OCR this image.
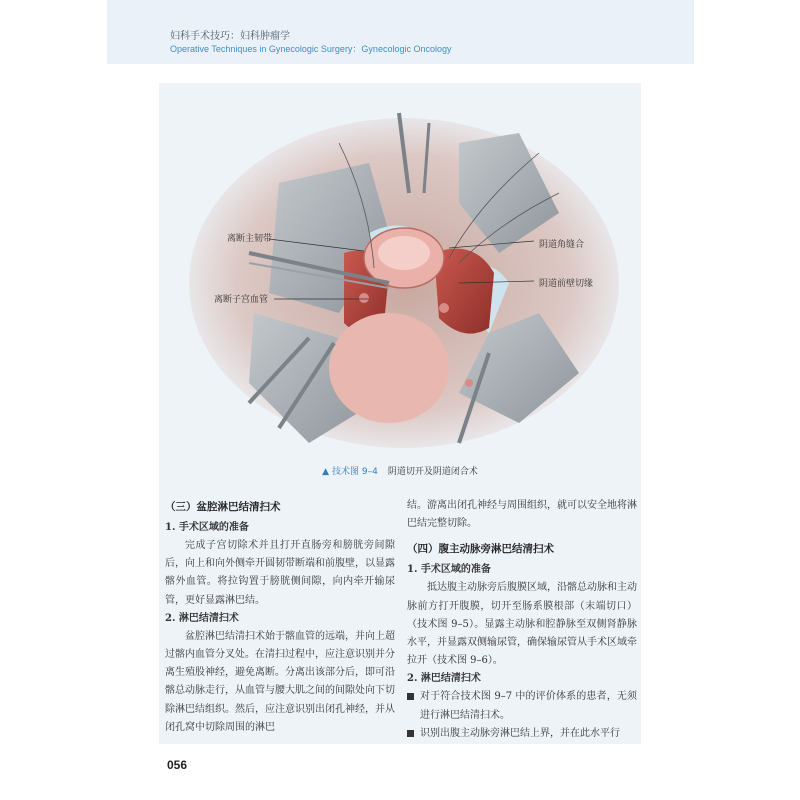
妇科手术技巧：妇科肿瘤学
Operative Techniques in Gynecologic Surgery：Gynecologic Oncology
离断主韧带
离断子宫血管
阴道角缝合
阴道前壁切缘
▲ 技术图 9–4 阴道切开及阴道闭合术
（三）盆腔淋巴结清扫术
1. 手术区域的准备

完成子宫切除术并且打开直肠旁和膀胱旁间隙后，向上和向外侧牵开圆韧带断端和前腹壁，以显露髂外血管。将拉钩置于膀胱侧间隙，向内牵开输尿管，更好显露淋巴结。

2. 淋巴结清扫术

盆腔淋巴结清扫术始于髂血管的远端，并向上超过髂内血管分叉处。在清扫过程中，应注意识别并分离生殖股神经，避免离断。分离出该部分后，即可沿髂总动脉走行，从血管与腰大肌之间的间隙处向下切除淋巴结组织。然后，应注意识别出闭孔神经，并从闭孔窝中切除周围的淋巴

结。游离出闭孔神经与周围组织，就可以安全地将淋巴结完整切除。

（四）腹主动脉旁淋巴结清扫术
1. 手术区域的准备

抵达腹主动脉旁后腹膜区域，沿髂总动脉和主动脉前方打开腹膜，切开至肠系膜根部（末端切口）（技术图 9–5）。显露主动脉和腔静脉至双侧肾静脉水平，并显露双侧输尿管，确保输尿管从手术区域牵拉开（技术图 9–6）。

2. 淋巴结清扫术
对于符合技术图 9–7 中的评价体系的患者，无须进行淋巴结清扫术。
识别出腹主动脉旁淋巴结上界，并在此水平行
056
